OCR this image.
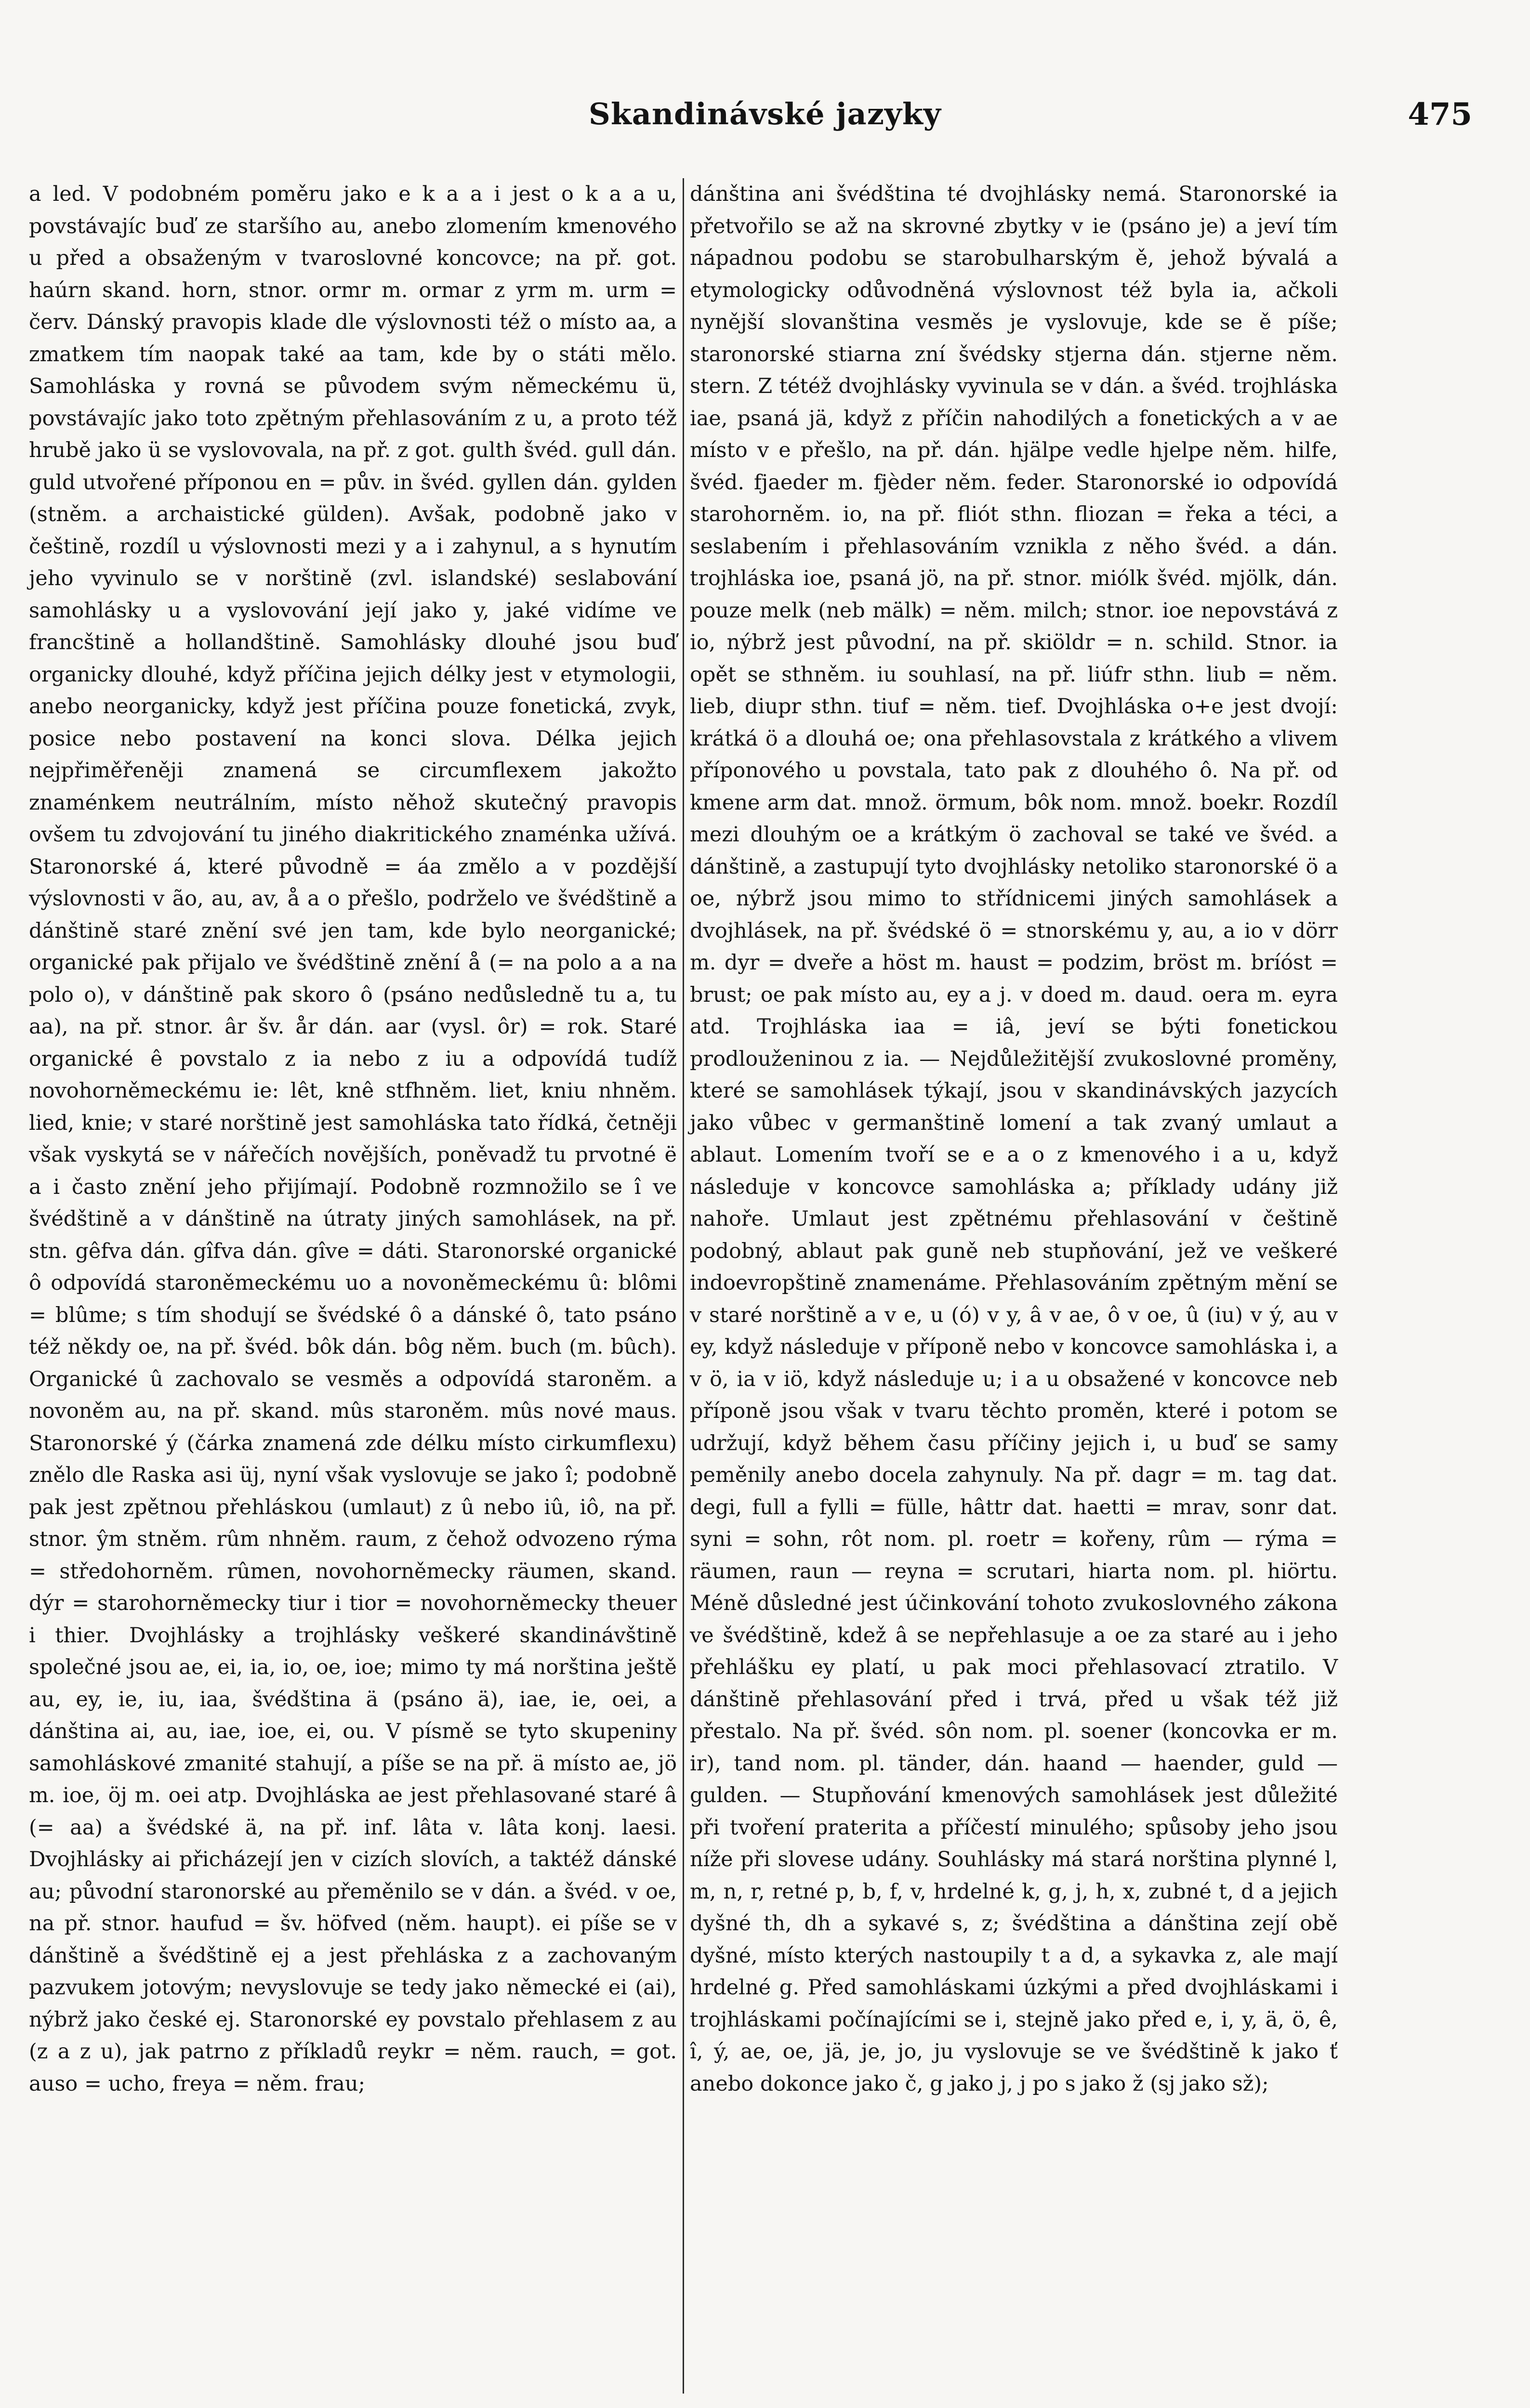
Skandinávské jazyky	475

a led. V podobném poměru jako e k a a i jest o k a a u, povstávajíc buď ze staršího au, anebo zlomením kmenového u před a obsaženým v tvaroslovné koncovce; na př. got. haúrn skand. horn, stnor. ormr m. ormar z yrm m. urm = červ. Dánský pravopis klade dle výslovnosti též o místo aa, a zmatkem tím naopak také aa tam, kde by o státi mělo. Samohláska y rovná se původem svým německému ü, povstávajíc jako toto zpětným přehlasováním z u, a proto též hrubě jako ü se vyslovovala, na př. z got. gulth švéd. gull dán. guld utvořené příponou en = pův. in švéd. gyllen dán. gylden (stněm. a archaistické gülden). Avšak, podobně jako v češtině, rozdíl u výslovnosti mezi y a i zahynul, a s hynutím jeho vyvinulo se v norštině (zvl. islandské) seslabování samohlásky u a vyslovování její jako y, jaké vidíme ve francštině a hollandštině. Samohlásky dlouhé jsou buď organicky dlouhé, když příčina jejich délky jest v etymologii, anebo neorganicky, když jest příčina pouze fonetická, zvyk, posice nebo postavení na konci slova. Délka jejich nejpřiměřeněji znamená se circumflexem jakožto znaménkem neutrálním, místo něhož skutečný pravopis ovšem tu zdvojování tu jiného diakritického znaménka užívá. Staronorské á, které původně = áa změlo a v pozdější výslovnosti v ão, au, av, å a o přešlo, podrželo ve švédštině a dánštině staré znění své jen tam, kde bylo neorganické; organické pak přijalo ve švédštině znění å (= na polo a a na polo o), v dánštině pak skoro ô (psáno nedůsledně tu a, tu aa), na př. stnor. âr šv. år dán. aar (vysl. ôr) = rok. Staré organické ê povstalo z ia nebo z iu a odpovídá tudíž novohorněmeckému ie: lêt, knê stfhněm. liet, kniu nhněm. lied, knie; v staré norštině jest samohláska tato řídká, četněji však vyskytá se v nářečích novějších, poněvadž tu prvotné ë a i často znění jeho přijímají. Podobně rozmnožilo se î ve švédštině a v dánštině na útraty jiných samohlásek, na př. stn. gêfva dán. gîfva dán. gîve = dáti. Staronorské organické ô odpovídá staroněmeckému uo a novoněmeckému û: blômi = blûme; s tím shodují se švédské ô a dánské ô, tato psáno též někdy oe, na př. švéd. bôk dán. bôg něm. buch (m. bûch). Organické û zachovalo se vesměs a odpovídá staroněm. a novoněm au, na př. skand. mûs staroněm. mûs nové maus. Staronorské ý (čárka znamená zde délku místo cirkumflexu) znělo dle Raska asi üj, nyní však vyslovuje se jako î; podobně pak jest zpětnou přehláskou (umlaut) z û nebo iû, iô, na př. stnor. ŷm stněm. rûm nhněm. raum, z čehož odvozeno rýma = středohorněm. rûmen, novohorněmecky räumen, skand. dýr = starohorněmecky tiur i tior = novohorněmecky theuer i thier. Dvojhlásky a trojhlásky veškeré skandinávštině společné jsou ae, ei, ia, io, oe, ioe; mimo ty má norština ještě au, ey, ie, iu, iaa, švédština ä (psáno ä), iae, ie, oei, a dánština ai, au, iae, ioe, ei, ou. V písmě se tyto skupeniny samohláskové zmanité stahují, a píše se na př. ä místo ae, jö m. ioe, öj m. oei atp. Dvojhláska ae jest přehlasované staré â (= aa) a švédské ä, na př. inf. lâta v. lâta konj. laesi. Dvojhlásky ai přicházejí jen v cizích slovích, a taktéž dánské au; původní staronorské au přeměnilo se v dán. a švéd. v oe, na př. stnor. haufud = šv. höfved (něm. haupt). ei píše se v dánštině a švédštině ej a jest přehláska z a zachovaným pazvukem jotovým; nevyslovuje se tedy jako německé ei (ai), nýbrž jako české ej. Staronorské ey povstalo přehlasem z au (z a z u), jak patrno z příkladů reykr = něm. rauch, = got. auso = ucho, freya = něm. frau;

dánština ani švédština té dvojhlásky nemá. Staronorské ia přetvořilo se až na skrovné zbytky v ie (psáno je) a jeví tím nápadnou podobu se starobulharským ě, jehož bývalá a etymologicky odůvodněná výslovnost též byla ia, ačkoli nynější slovanština vesměs je vyslovuje, kde se ě píše; staronorské stiarna zní švédsky stjerna dán. stjerne něm. stern. Z tétéž dvojhlásky vyvinula se v dán. a švéd. trojhláska iae, psaná jä, když z příčin nahodilých a fonetických a v ae místo v e přešlo, na př. dán. hjälpe vedle hjelpe něm. hilfe, švéd. fjaeder m. fjèder něm. feder. Staronorské io odpovídá starohorněm. io, na př. fliót sthn. fliozan = řeka a téci, a seslabením i přehlasováním vznikla z něho švéd. a dán. trojhláska ioe, psaná jö, na př. stnor. miólk švéd. mjölk, dán. pouze melk (neb mälk) = něm. milch; stnor. ioe nepovstává z io, nýbrž jest původní, na př. skiöldr = n. schild. Stnor. ia opět se sthněm. iu souhlasí, na př. liúfr sthn. liub = něm. lieb, diupr sthn. tiuf = něm. tief. Dvojhláska o+e jest dvojí: krátká ö a dlouhá oe; ona přehlasovstala z krátkého a vlivem příponového u povstala, tato pak z dlouhého ô. Na př. od kmene arm dat. množ. örmum, bôk nom. množ. boekr. Rozdíl mezi dlouhým oe a krátkým ö zachoval se také ve švéd. a dánštině, a zastupují tyto dvojhlásky netoliko staronorské ö a oe, nýbrž jsou mimo to střídnicemi jiných samohlásek a dvojhlásek, na př. švédské ö = stnorskému y, au, a io v dörr m. dyr = dveře a höst m. haust = podzim, bröst m. bríóst = brust; oe pak místo au, ey a j. v doed m. daud. oera m. eyra atd. Trojhláska iaa = iâ, jeví se býti fonetickou prodlouženinou z ia. — Nejdůležitější zvukoslovné proměny, které se samohlásek týkají, jsou v skandinávských jazycích jako vůbec v germanštině lomení a tak zvaný umlaut a ablaut. Lomením tvoří se e a o z kmenového i a u, když následuje v koncovce samohláska a; příklady udány již nahoře. Umlaut jest zpětnému přehlasování v češtině podobný, ablaut pak guně neb stupňování, jež ve veškeré indoevropštině znamenáme. Přehlasováním zpětným mění se v staré norštině a v e, u (ó) v y, â v ae, ô v oe, û (iu) v ý, au v ey, když následuje v příponě nebo v koncovce samohláska i, a v ö, ia v iö, když následuje u; i a u obsažené v koncovce neb příponě jsou však v tvaru těchto proměn, které i potom se udržují, když během času příčiny jejich i, u buď se samy peměnily anebo docela zahynuly. Na př. dagr = m. tag dat. degi, full a fylli = fülle, hâttr dat. haetti = mrav, sonr dat. syni = sohn, rôt nom. pl. roetr = kořeny, rûm — rýma = räumen, raun — reyna = scrutari, hiarta nom. pl. hiörtu. Méně důsledné jest účinkování tohoto zvukoslovného zákona ve švédštině, kdež â se nepřehlasuje a oe za staré au i jeho přehlášku ey platí, u pak moci přehlasovací ztratilo. V dánštině přehlasování před i trvá, před u však též již přestalo. Na př. švéd. sôn nom. pl. soener (koncovka er m. ir), tand nom. pl. tänder, dán. haand — haender, guld — gulden. — Stupňování kmenových samohlásek jest důležité při tvoření praterita a příčestí minulého; spůsoby jeho jsou níže při slovese udány. Souhlásky má stará norština plynné l, m, n, r, retné p, b, f, v, hrdelné k, g, j, h, x, zubné t, d a jejich dyšné th, dh a sykavé s, z; švédština a dánština zejí obě dyšné, místo kterých nastoupily t a d, a sykavka z, ale mají hrdelné g. Před samohláskami úzkými a před dvojhláskami i trojhláskami počínajícími se i, stejně jako před e, i, y, ä, ö, ê, î, ý, ae, oe, jä, je, jo, ju vyslovuje se ve švédštině k jako ť anebo dokonce jako č, g jako j, j po s jako ž (sj jako sž);
